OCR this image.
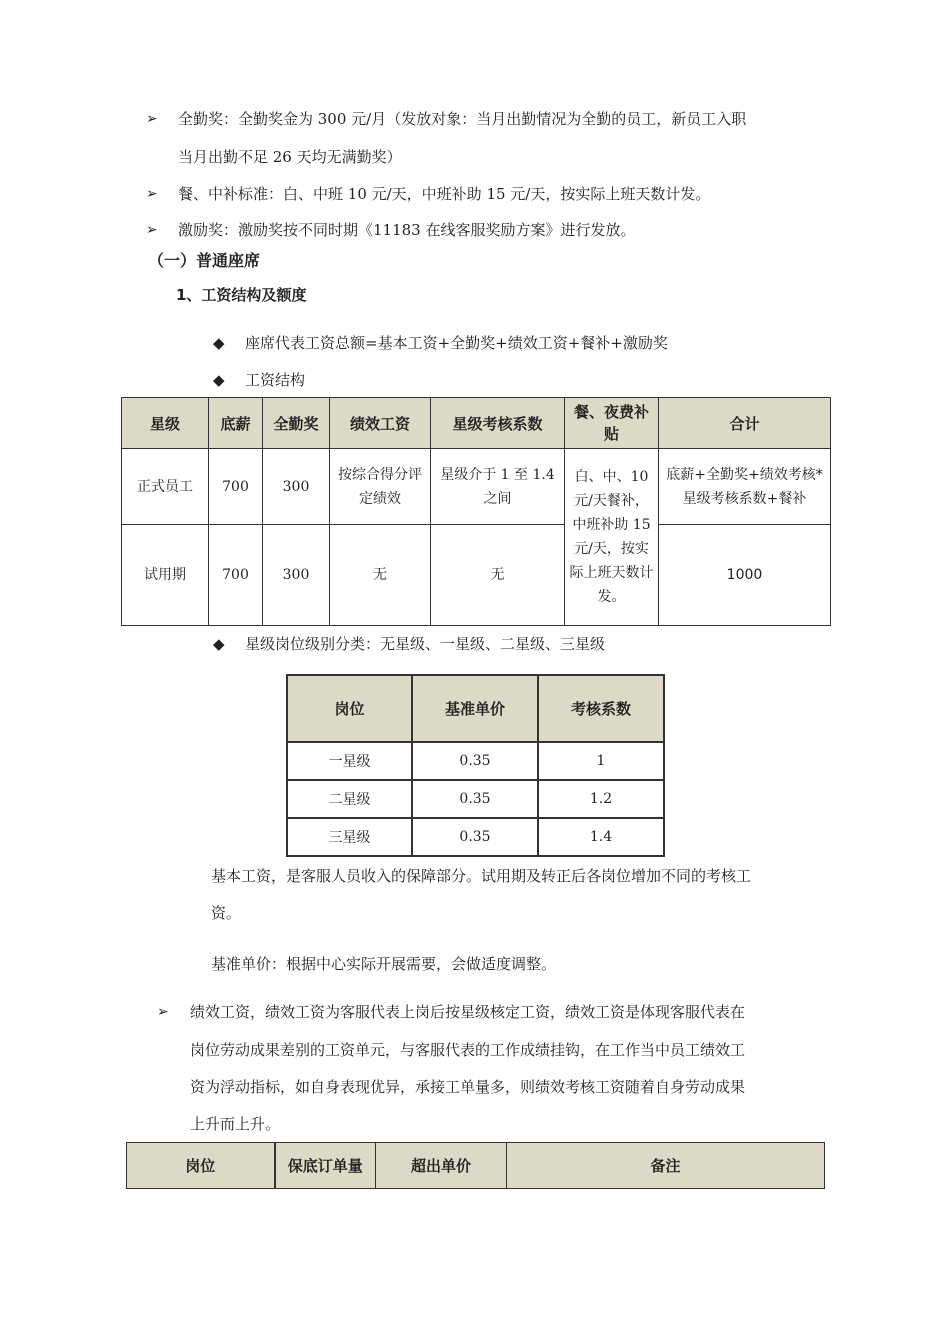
➢ 全勤奖：全勤奖金为 300 元/月（发放对象：当月出勤情况为全勤的员工，新员工入职
当月出勤不足 26 天均无满勤奖）
➢ 餐、中补标准：白、中班 10 元/天，中班补助 15 元/天，按实际上班天数计发。
➢ 激励奖：激励奖按不同时期《11183 在线客服奖励方案》进行发放。
（一）普通座席
1、工资结构及额度
◆ 座席代表工资总额=基本工资+全勤奖+绩效工资+餐补+激励奖
◆ 工资结构
星级	底薪	全勤奖	绩效工资	星级考核系数	餐、夜费补贴	合计
正式员工	700	300	按综合得分评定绩效	星级介于 1 至 1.4 之间	白、中、10 元/天餐补，中班补助 15 元/天，按实际上班天数计发。	底薪+全勤奖+绩效考核*星级考核系数+餐补
试用期	700	300	无	无		1000
◆ 星级岗位级别分类：无星级、一星级、二星级、三星级
岗位	基准单价	考核系数
一星级	0.35	1
二星级	0.35	1.2
三星级	0.35	1.4
基本工资，是客服人员收入的保障部分。试用期及转正后各岗位增加不同的考核工
资。
基准单价：根据中心实际开展需要，会做适度调整。
➢ 绩效工资，绩效工资为客服代表上岗后按星级核定工资，绩效工资是体现客服代表在
岗位劳动成果差别的工资单元，与客服代表的工作成绩挂钩，在工作当中员工绩效工
资为浮动指标，如自身表现优异，承接工单量多，则绩效考核工资随着自身劳动成果
上升而上升。
岗位	保底订单量	超出单价	备注
